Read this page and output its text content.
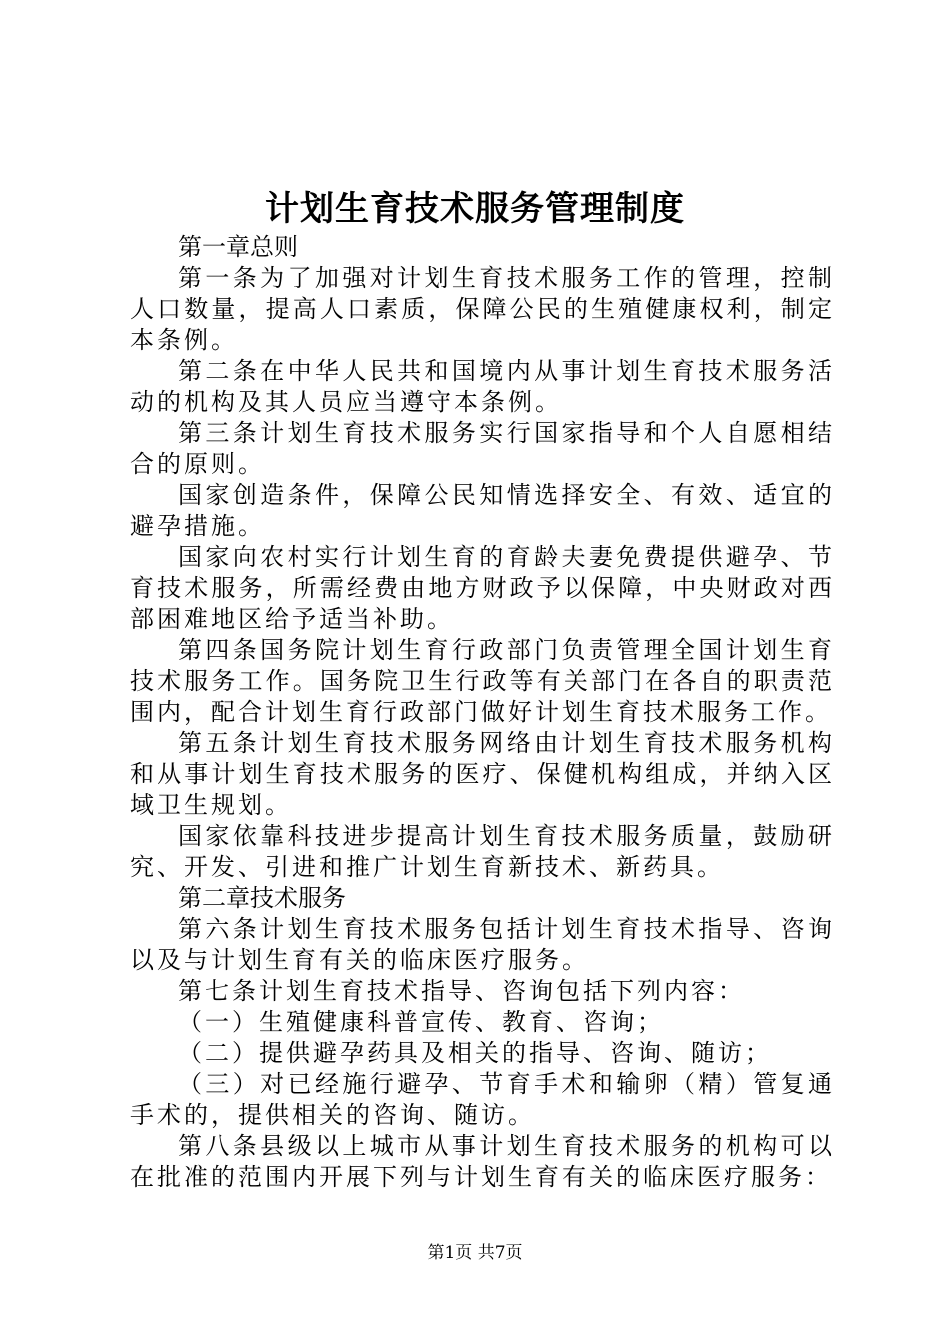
计划生育技术服务管理制度

第一章总则

第一条为了加强对计划生育技术服务工作的管理，控制人口数量，提高人口素质，保障公民的生殖健康权利，制定本条例。

第二条在中华人民共和国境内从事计划生育技术服务活动的机构及其人员应当遵守本条例。

第三条计划生育技术服务实行国家指导和个人自愿相结合的原则。

国家创造条件，保障公民知情选择安全、有效、适宜的避孕措施。

国家向农村实行计划生育的育龄夫妻免费提供避孕、节育技术服务，所需经费由地方财政予以保障，中央财政对西部困难地区给予适当补助。

第四条国务院计划生育行政部门负责管理全国计划生育技术服务工作。国务院卫生行政等有关部门在各自的职责范围内，配合计划生育行政部门做好计划生育技术服务工作。

第五条计划生育技术服务网络由计划生育技术服务机构和从事计划生育技术服务的医疗、保健机构组成，并纳入区域卫生规划。

国家依靠科技进步提高计划生育技术服务质量，鼓励研究、开发、引进和推广计划生育新技术、新药具。

第二章技术服务

第六条计划生育技术服务包括计划生育技术指导、咨询以及与计划生育有关的临床医疗服务。

第七条计划生育技术指导、咨询包括下列内容：

（一）生殖健康科普宣传、教育、咨询；

（二）提供避孕药具及相关的指导、咨询、随访；

（三）对已经施行避孕、节育手术和输卵（精）管复通手术的，提供相关的咨询、随访。

第八条县级以上城市从事计划生育技术服务的机构可以在批准的范围内开展下列与计划生育有关的临床医疗服务：

第1页 共7页
